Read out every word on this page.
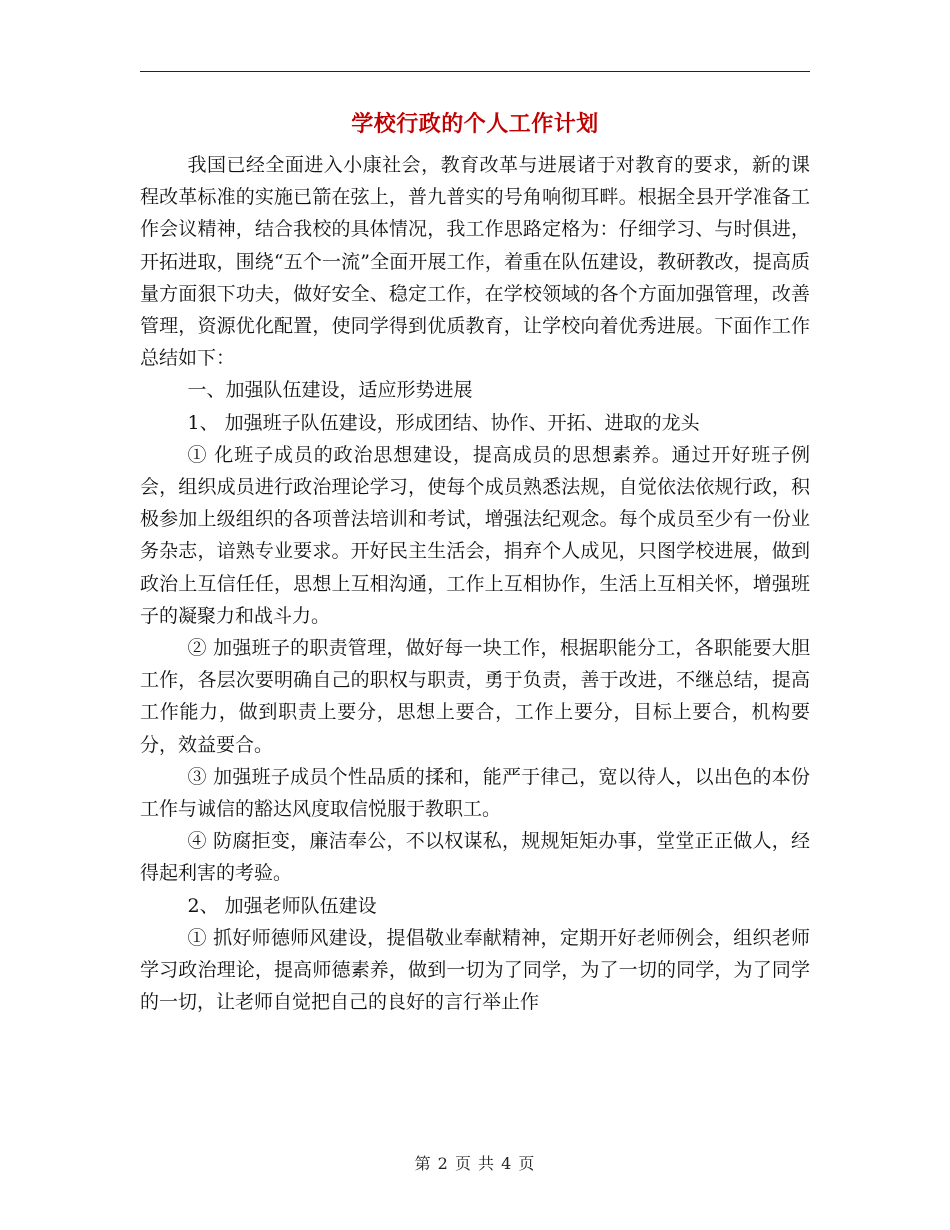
学校行政的个人工作计划

我国已经全面进入小康社会，教育改革与进展诸于对教育的要求，新的课程改革标准的实施已箭在弦上，普九普实的号角响彻耳畔。根据全县开学准备工作会议精神，结合我校的具体情况，我工作思路定格为：仔细学习、与时俱进，开拓进取，围绕“五个一流”全面开展工作，着重在队伍建设，教研教改，提高质量方面狠下功夫，做好安全、稳定工作，在学校领域的各个方面加强管理，改善管理，资源优化配置，使同学得到优质教育，让学校向着优秀进展。下面作工作总结如下：

一、加强队伍建设，适应形势进展

1、 加强班子队伍建设，形成团结、协作、开拓、进取的龙头

① 化班子成员的政治思想建设，提高成员的思想素养。通过开好班子例会，组织成员进行政治理论学习，使每个成员熟悉法规，自觉依法依规行政，积极参加上级组织的各项普法培训和考试，增强法纪观念。每个成员至少有一份业务杂志，谙熟专业要求。开好民主生活会，捐弃个人成见，只图学校进展，做到政治上互信任任，思想上互相沟通，工作上互相协作，生活上互相关怀，增强班子的凝聚力和战斗力。

② 加强班子的职责管理，做好每一块工作，根据职能分工，各职能要大胆工作，各层次要明确自己的职权与职责，勇于负责，善于改进，不继总结，提高工作能力，做到职责上要分，思想上要合，工作上要分，目标上要合，机构要分，效益要合。

③ 加强班子成员个性品质的揉和，能严于律己，宽以待人，以出色的本份工作与诚信的豁达风度取信悦服于教职工。

④ 防腐拒变，廉洁奉公，不以权谋私，规规矩矩办事，堂堂正正做人，经得起利害的考验。

2、 加强老师队伍建设

① 抓好师德师风建设，提倡敬业奉献精神，定期开好老师例会，组织老师学习政治理论，提高师德素养，做到一切为了同学，为了一切的同学，为了同学的一切，让老师自觉把自己的良好的言行举止作

第 2 页 共 4 页
